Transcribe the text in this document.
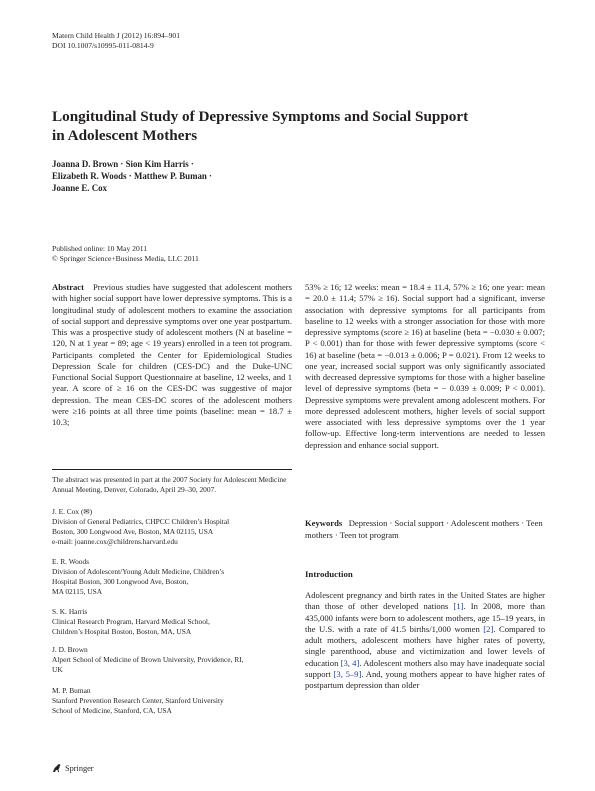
Matern Child Health J (2012) 16:894–901
DOI 10.1007/s10995-011-0814-9
Longitudinal Study of Depressive Symptoms and Social Support
in Adolescent Mothers
Joanna D. Brown · Sion Kim Harris ·
Elizabeth R. Woods · Matthew P. Buman ·
Joanne E. Cox
Published online: 10 May 2011
© Springer Science+Business Media, LLC 2011
Abstract Previous studies have suggested that adolescent mothers with higher social support have lower depressive symptoms. This is a longitudinal study of adolescent mothers to examine the association of social support and depressive symptoms over one year postpartum. This was a prospective study of adolescent mothers (N at baseline = 120, N at 1 year = 89; age < 19 years) enrolled in a teen tot program. Participants completed the Center for Epidemiological Studies Depression Scale for children (CES-DC) and the Duke-UNC Functional Social Support Questionnaire at baseline, 12 weeks, and 1 year. A score of ≥ 16 on the CES-DC was suggestive of major depression. The mean CES-DC scores of the adolescent mothers were ≥16 points at all three time points (baseline: mean = 18.7 ± 10.3;
53% ≥ 16; 12 weeks: mean = 18.4 ± 11.4, 57% ≥ 16; one year: mean = 20.0 ± 11.4; 57% ≥ 16). Social support had a significant, inverse association with depressive symptoms for all participants from baseline to 12 weeks with a stronger association for those with more depressive symptoms (score ≥ 16) at baseline (beta = −0.030 ± 0.007; P < 0.001) than for those with fewer depressive symptoms (score < 16) at baseline (beta = −0.013 ± 0.006; P = 0.021). From 12 weeks to one year, increased social support was only significantly associated with decreased depressive symptoms for those with a higher baseline level of depressive symptoms (beta = − 0.039 ± 0.009; P < 0.001). Depressive symptoms were prevalent among adolescent mothers. For more depressed adolescent mothers, higher levels of social support were associated with less depressive symptoms over the 1 year follow-up. Effective long-term interventions are needed to lessen depression and enhance social support.
The abstract was presented in part at the 2007 Society for Adolescent Medicine Annual Meeting, Denver, Colorado, April 29–30, 2007.
J. E. Cox (✉)
Division of General Pediatrics, CHPCC Children’s Hospital
Boston, 300 Longwood Ave, Boston, MA 02115, USA
e-mail: joanne.cox@childrens.harvard.edu
E. R. Woods
Division of Adolescent/Young Adult Medicine, Children’s
Hospital Boston, 300 Longwood Ave, Boston,
MA 02115, USA
S. K. Harris
Clinical Research Program, Harvard Medical School,
Children’s Hospital Boston, Boston, MA, USA
J. D. Brown
Alpert School of Medicine of Brown University, Providence, RI,
UK
M. P. Buman
Stanford Prevention Research Center, Stanford University
School of Medicine, Stanford, CA, USA
Keywords Depression · Social support · Adolescent mothers · Teen mothers · Teen tot program
Introduction

Adolescent pregnancy and birth rates in the United States are higher than those of other developed nations [1]. In 2008, more than 435,000 infants were born to adolescent mothers, age 15–19 years, in the U.S. with a rate of 41.5 births/1,000 women [2]. Compared to adult mothers, adolescent mothers have higher rates of poverty, single parenthood, abuse and victimization and lower levels of education [3, 4]. Adolescent mothers also may have inadequate social support [3, 5–9]. And, young mothers appear to have higher rates of postpartum depression than older

Springer
